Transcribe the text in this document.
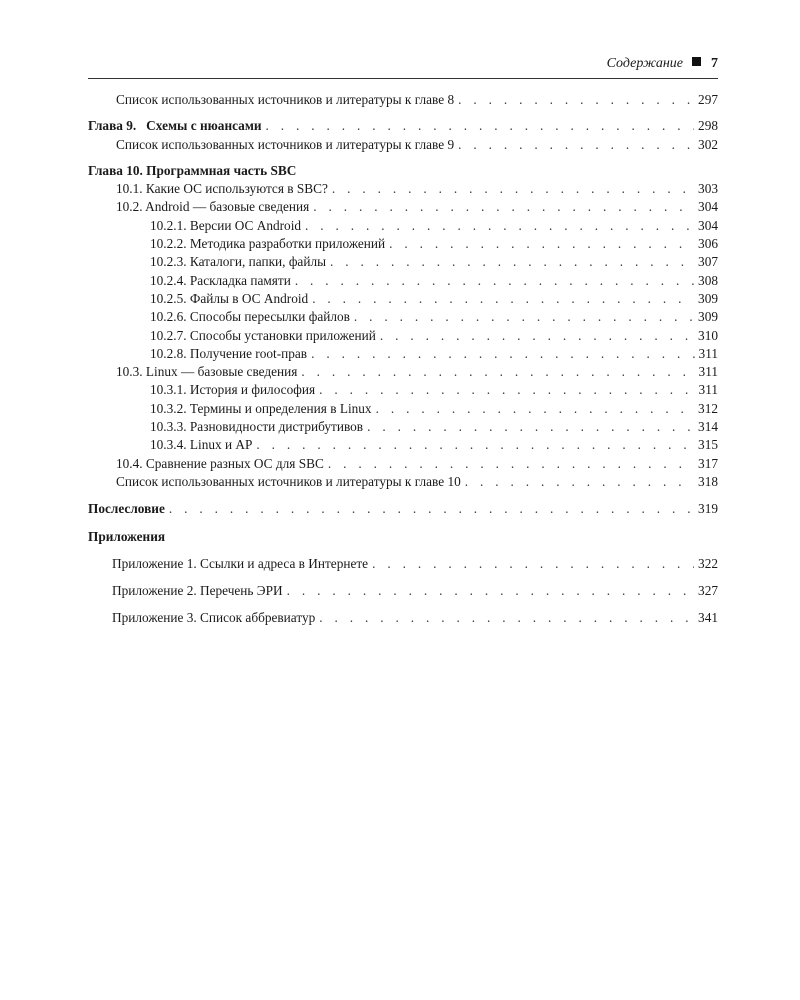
Содержание 7
Список использованных источников и литературы к главе 8 . . .	297
Глава 9.   Схемы с нюансами . . .	298
Список использованных источников и литературы к главе 9 . . .	302
Глава 10. Программная часть SBC
10.1. Какие ОС используются в SBC? . . .	303
10.2. Android — базовые сведения . . .	304
10.2.1. Версии ОС Android . . .	304
10.2.2. Методика разработки приложений . . .	306
10.2.3. Каталоги, папки, файлы . . .	307
10.2.4. Раскладка памяти . . .	308
10.2.5. Файлы в ОС Android . . .	309
10.2.6. Способы пересылки файлов . . .	309
10.2.7. Способы установки приложений . . .	310
10.2.8. Получение root-прав . . .	311
10.3. Linux — базовые сведения . . .	311
10.3.1. История и философия . . .	311
10.3.2. Термины и определения в Linux . . .	312
10.3.3. Разновидности дистрибутивов . . .	314
10.3.4. Linux и АР . . .	315
10.4. Сравнение разных ОС для SBC . . .	317
Список использованных источников и литературы к главе 10 . . .	318
Послесловие . . .	319
Приложения
Приложение 1. Ссылки и адреса в Интернете . . .	322
Приложение 2. Перечень ЭРИ . . .	327
Приложение 3. Список аббревиатур . . .	341
